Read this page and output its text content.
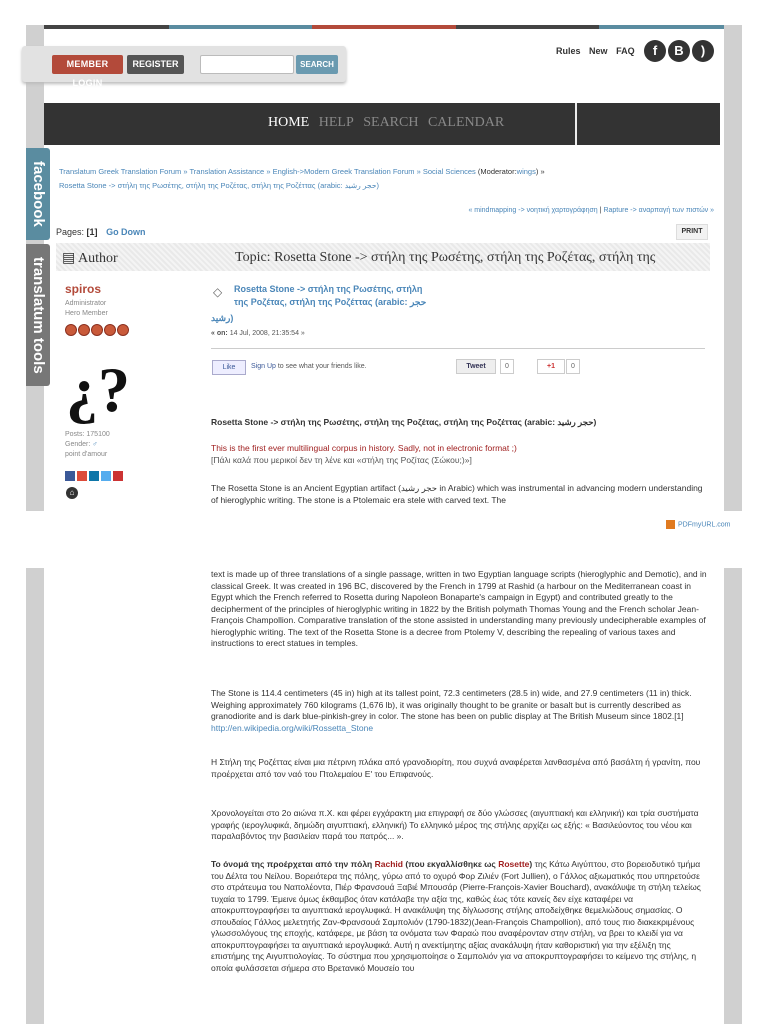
MEMBER LOGIN
REGISTER	SEARCH
Rules New FAQ	f	B	)
HOME HELP SEARCH CALENDAR
facebook
translatum tools
Translatum Greek Translation Forum » Translation Assistance » English->Modern Greek Translation Forum » Social Sciences (Moderator:wings) »
Rosetta Stone -> στήλη της Ρωσέτης, στήλη της Ροζέτας, στήλη της Ροζέττας (arabic: حجر رشيد)
« mindmapping -> νοητική χαρτογράφηση | Rapture -> αναρπαγή των πιστών »
Pages: [1] Go Down	PRINT
▤ Author	Topic: Rosetta Stone -> στήλη της Ρωσέτης, στήλη της Ροζέτας, στήλη της
spiros
Administrator
Hero Member
¿?
Posts: 175100
Gender: ♂
point d'amour
⌂
◇ Rosetta Stone -> στήλη της Ρωσέτης, στήλη
της Ροζέτας, στήλη της Ροζέττας (arabic: حجر
رشيد)
« on: 14 Jul, 2008, 21:35:54 »
Like	Sign Up to see what your friends like.	Tweet	0	+1	0
Rosetta Stone -> στήλη της Ρωσέτης, στήλη της Ροζέτας, στήλη της Ροζέττας (arabic: حجر رشيد)
This is the first ever multilingual corpus in history. Sadly, not in electronic format ;)
[Πάλι καλά που μερικοί δεν τη λένε και «στήλη της Ροζίτας (Σώκου;)»]
The Rosetta Stone is an Ancient Egyptian artifact (حجر رشيد in Arabic) which was instrumental in advancing modern understanding of hieroglyphic writing. The stone is a Ptolemaic era stele with carved text. The
PDFmyURL.com
text is made up of three translations of a single passage, written in two Egyptian language scripts (hieroglyphic and Demotic), and in classical Greek. It was created in 196 BC, discovered by the French in 1799 at Rashid (a harbour on the Mediterranean coast in Egypt which the French referred to Rosetta during Napoleon Bonaparte's campaign in Egypt) and contributed greatly to the decipherment of the principles of hieroglyphic writing in 1822 by the British polymath Thomas Young and the French scholar Jean-François Champollion. Comparative translation of the stone assisted in understanding many previously undecipherable examples of hieroglyphic writing. The text of the Rosetta Stone is a decree from Ptolemy V, describing the repealing of various taxes and instructions to erect statues in temples.
The Stone is 114.4 centimeters (45 in) high at its tallest point, 72.3 centimeters (28.5 in) wide, and 27.9 centimeters (11 in) thick. Weighing approximately 760 kilograms (1,676 lb), it was originally thought to be granite or basalt but is currently described as granodiorite and is dark blue-pinkish-grey in color. The stone has been on public display at The British Museum since 1802.[1]
http://en.wikipedia.org/wiki/Rossetta_Stone
Η Στήλη της Ροζέττας είναι μια πέτρινη πλάκα από γρανοδιορίτη, που συχνά αναφέρεται λανθασμένα από βασάλτη ή γρανίτη, που προέρχεται από τον ναό του Πτολεμαίου Ε' του Επιφανούς.
Χρονολογείται στο 2ο αιώνα π.Χ. και φέρει εγχάρακτη μια επιγραφή σε δύο γλώσσες (αιγυπτιακή και ελληνική) και τρία συστήματα γραφής (ιερογλυφικά, δημώδη αιγυπτιακή, ελληνική) Το ελληνικό μέρος της στήλης αρχίζει ως εξής: « Βασιλεύοντος του νέου και παραλαβόντος την βασιλείαν παρά του πατρός... ».
Το όνομά της προέρχεται από την πόλη Rachid (που εκγαλλίσθηκε ως Rosette) της Κάτω Αιγύπτου, στο βορειοδυτικό τμήμα του Δέλτα του Νείλου. Βορειότερα της πόλης, γύρω από το οχυρό Φορ Ζιλιέν (Fort Jullien), ο Γάλλος αξιωματικός που υπηρετούσε στο στράτευμα του Ναπολέοντα, Πιέρ Φρανσουά Ξαβιέ Μπουσάρ (Pierre-François-Xavier Bouchard), ανακάλυψε τη στήλη τελείως τυχαία το 1799. Έμεινε όμως έκθαμβος όταν κατάλαβε την αξία της, καθώς έως τότε κανείς δεν είχε καταφέρει να αποκρυπτογραφήσει τα αιγυπτιακά ιερογλυφικά. Η ανακάλυψη της δίγλωσσης στήλης αποδείχθηκε θεμελιώδους σημασίας. Ο σπουδαίος Γάλλος μελετητής Ζαν-Φρανσουά Σαμπολιόν (1790-1832)(Jean-François Champollion), από τους πιο διακεκριμένους γλωσσολόγους της εποχής, κατάφερε, με βάση τα ονόματα των Φαραώ που αναφέρονταν στην στήλη, να βρει το κλειδί για να αποκρυπτογραφήσει τα αιγυπτιακά ιερογλυφικά. Αυτή η ανεκτίμητης αξίας ανακάλυψη ήταν καθοριστική για την εξέλιξη της επιστήμης της Αιγυπτιολογίας. Το σύστημα που χρησιμοποίησε ο Σαμπολιόν για να αποκρυπτογραφήσει το κείμενο της στήλης, η οποία φυλάσσεται σήμερα στο Βρετανικό Μουσείο του
